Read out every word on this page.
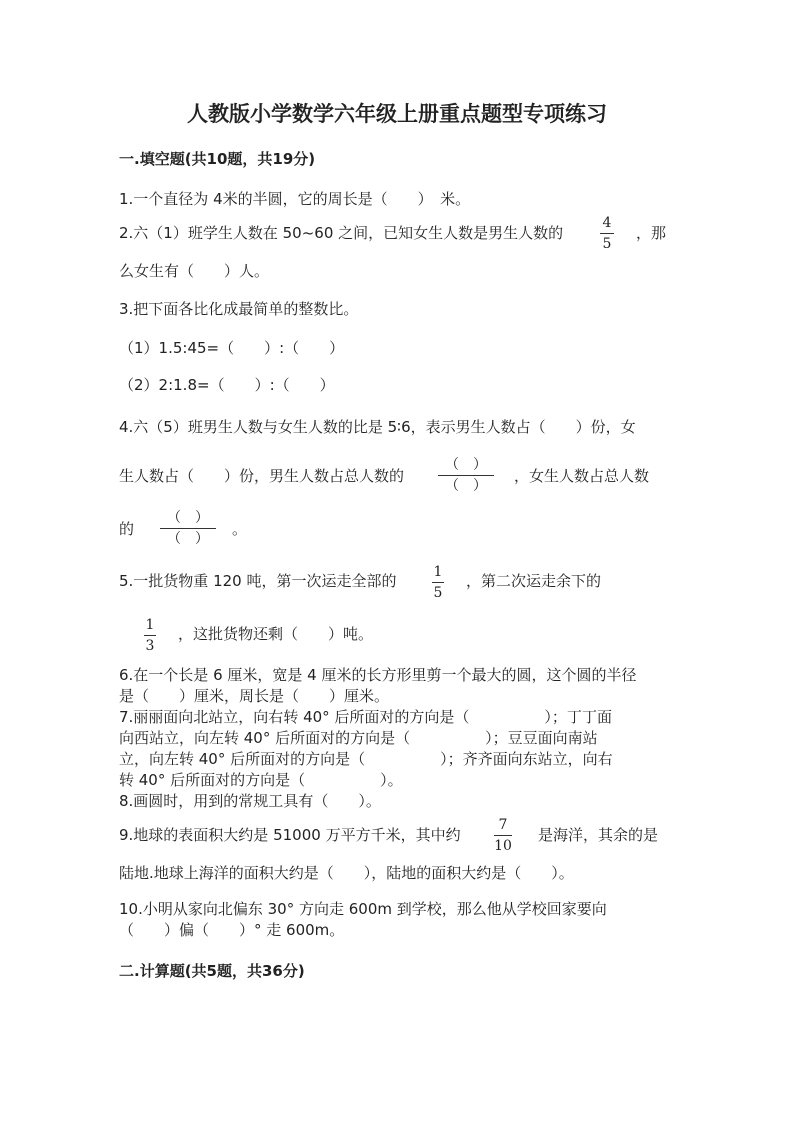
人教版小学数学六年级上册重点题型专项练习
一.填空题(共10题，共19分)
1.一个直径为 4米的半圆，它的周长是（　　）　米。
2.六（1）班学生人数在 50~60 之间，已知女生人数是男生人数的
4
5
，那
么女生有（　　）人。
3.把下面各比化成最简单的整数比。
（1）1.5:45=（　　）:（　　）
（2）2:1.8=（　　）:（　　）
4.六（5）班男生人数与女生人数的比是 5∶6，表示男生人数占（　　）份，女
生人数占（　　）份，男生人数占总人数的
（　）
（　）
，女生人数占总人数
的
（　）
（　）
。
5.一批货物重 120 吨，第一次运走全部的	1
5
，第二次运走余下的
1
3
，这批货物还剩（　　）吨。
6.在一个长是 6 厘米，宽是 4 厘米的长方形里剪一个最大的圆，这个圆的半径
是（　　）厘米，周长是（　　）厘米。
7.丽丽面向北站立，向右转 40° 后所面对的方向是（　　　　　）；丁丁面
向西站立，向左转 40° 后所面对的方向是（　　　　　）；豆豆面向南站
立，向左转 40° 后所面对的方向是（　　　　　）；齐齐面向东站立，向右
转 40° 后所面对的方向是（　　　　　）。
8.画圆时，用到的常规工具有（　　）。
9.地球的表面积大约是 51000 万平方千米，其中约
7
10
是海洋，其余的是
陆地.地球上海洋的面积大约是（　　），陆地的面积大约是（　　）。
10.小明从家向北偏东 30° 方向走 600m 到学校，那么他从学校回家要向
（　　）偏（　　）° 走 600m。
二.计算题(共5题，共36分)
